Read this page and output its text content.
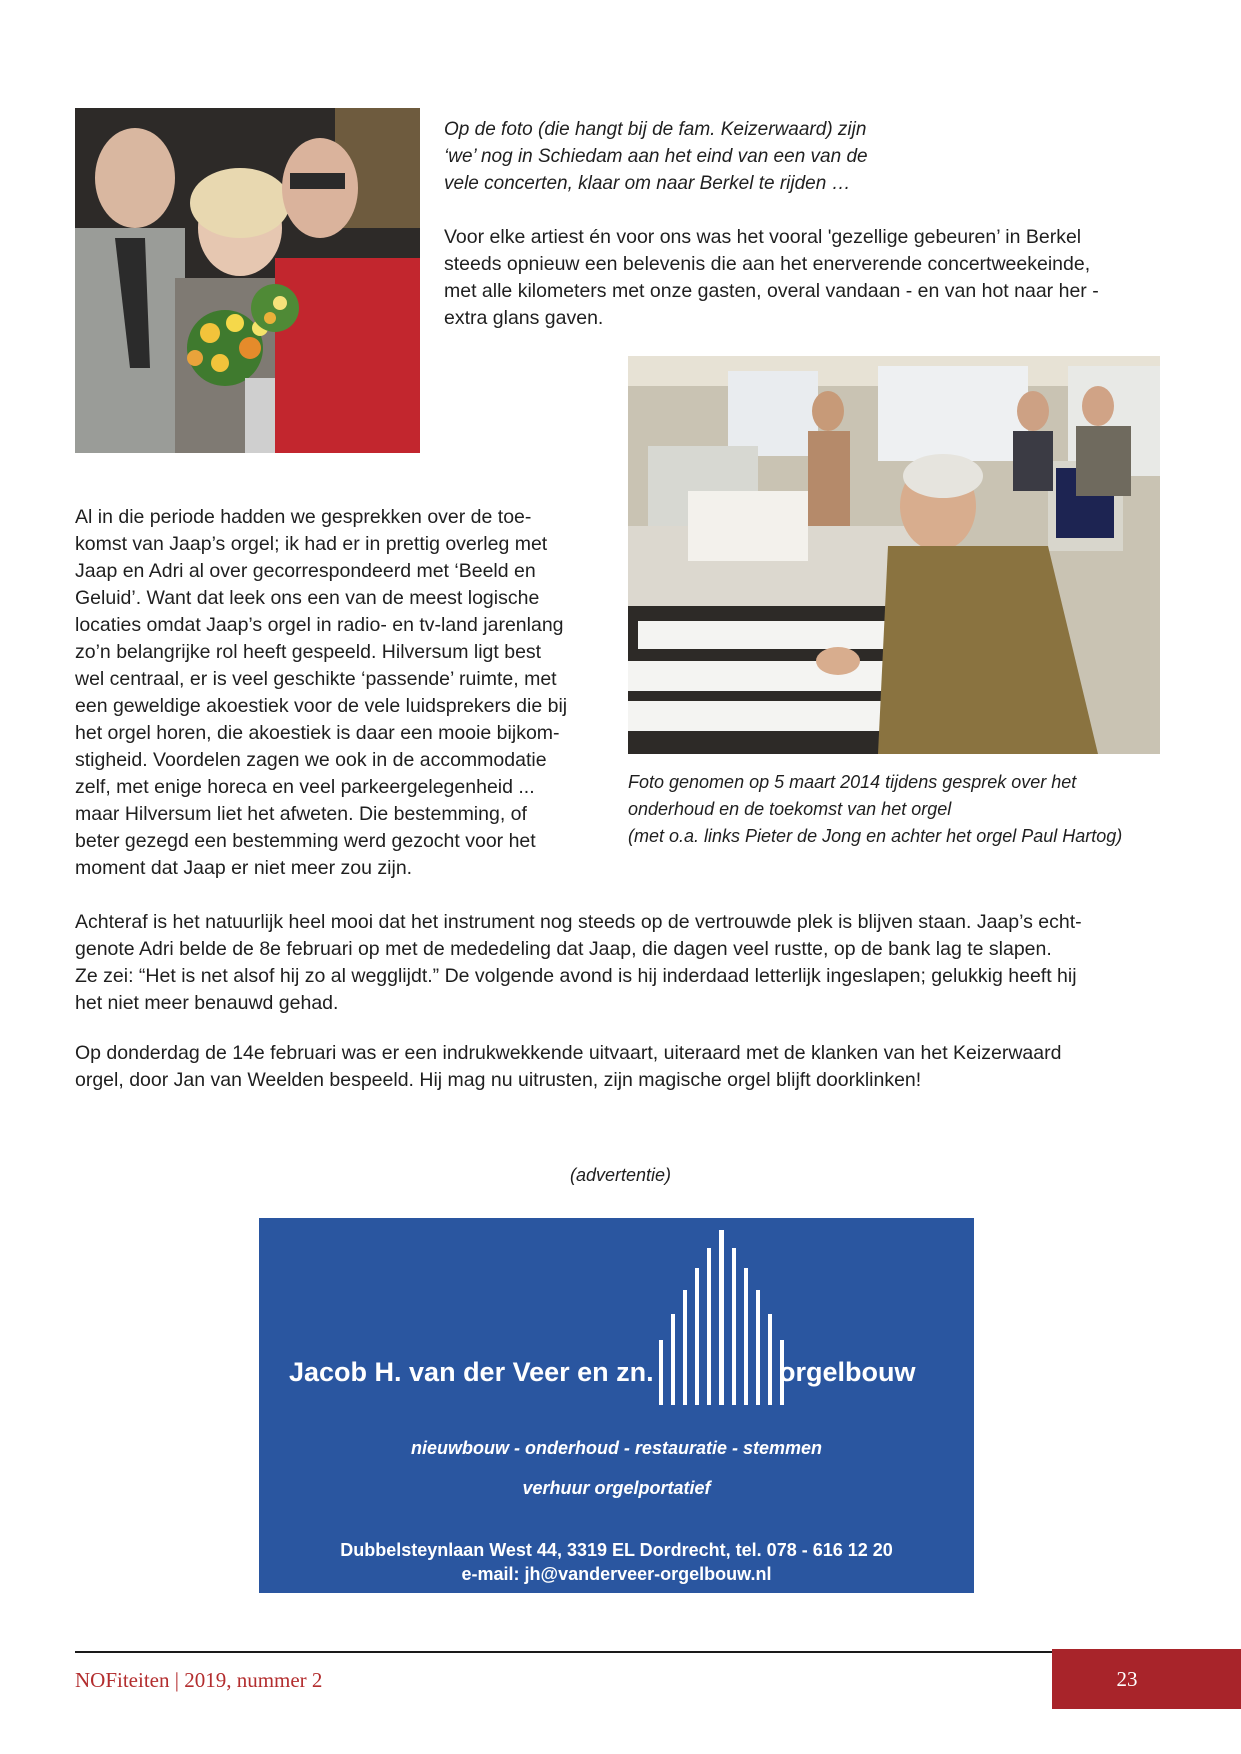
Op de foto (die hangt bij de fam. Keizerwaard) zijn
‘we’ nog in Schiedam aan het eind van een van de
vele concerten, klaar om naar Berkel te rijden …
Voor elke artiest én voor ons was het vooral 'gezellige gebeuren’ in Berkel
steeds opnieuw een belevenis die aan het enerverende concertweekeinde,
met alle kilometers met onze gasten, overal vandaan - en van hot naar her -
extra glans gaven.
Al in die periode hadden we gesprekken over de toe-
komst van Jaap’s orgel; ik had er in prettig overleg met
Jaap en Adri al over gecorrespondeerd met ‘Beeld en
Geluid’. Want dat leek ons een van de meest logische
locaties omdat Jaap’s orgel in radio- en tv-land jarenlang
zo’n belangrijke rol heeft gespeeld. Hilversum ligt best
wel centraal, er is veel geschikte ‘passende’ ruimte, met
een geweldige akoestiek voor de vele luidsprekers die bij
het orgel horen, die akoestiek is daar een mooie bijkom-
stigheid. Voordelen zagen we ook in de accommodatie
zelf, met enige horeca en veel parkeergelegenheid ...
maar Hilversum liet het afweten. Die bestemming, of
beter gezegd een bestemming werd gezocht voor het
moment dat Jaap er niet meer zou zijn.
Foto genomen op 5 maart 2014 tijdens gesprek over het
onderhoud en de toekomst van het orgel
(met o.a. links Pieter de Jong en achter het orgel Paul Hartog)
Achteraf is het natuurlijk heel mooi dat het instrument nog steeds op de vertrouwde plek is blijven staan. Jaap’s echt-
genote Adri belde de 8e februari op met de mededeling dat Jaap, die dagen veel rustte, op de bank lag te slapen.
Ze zei: “Het is net alsof hij zo al wegglijdt.” De volgende avond is hij inderdaad letterlijk ingeslapen; gelukkig heeft hij
het niet meer benauwd gehad.
Op donderdag de 14e februari was er een indrukwekkende uitvaart, uiteraard met de klanken van het Keizerwaard
orgel, door Jan van Weelden bespeeld. Hij mag nu uitrusten, zijn magische orgel blijft doorklinken!
(advertentie)
Jacob H. van der Veer en zn.	orgelbouw
nieuwbouw - onderhoud - restauratie - stemmen
verhuur orgelportatief
Dubbelsteynlaan West 44, 3319 EL Dordrecht, tel. 078 - 616 12 20
e-mail: jh@vanderveer-orgelbouw.nl
NOFiteiten | 2019, nummer 2	23
